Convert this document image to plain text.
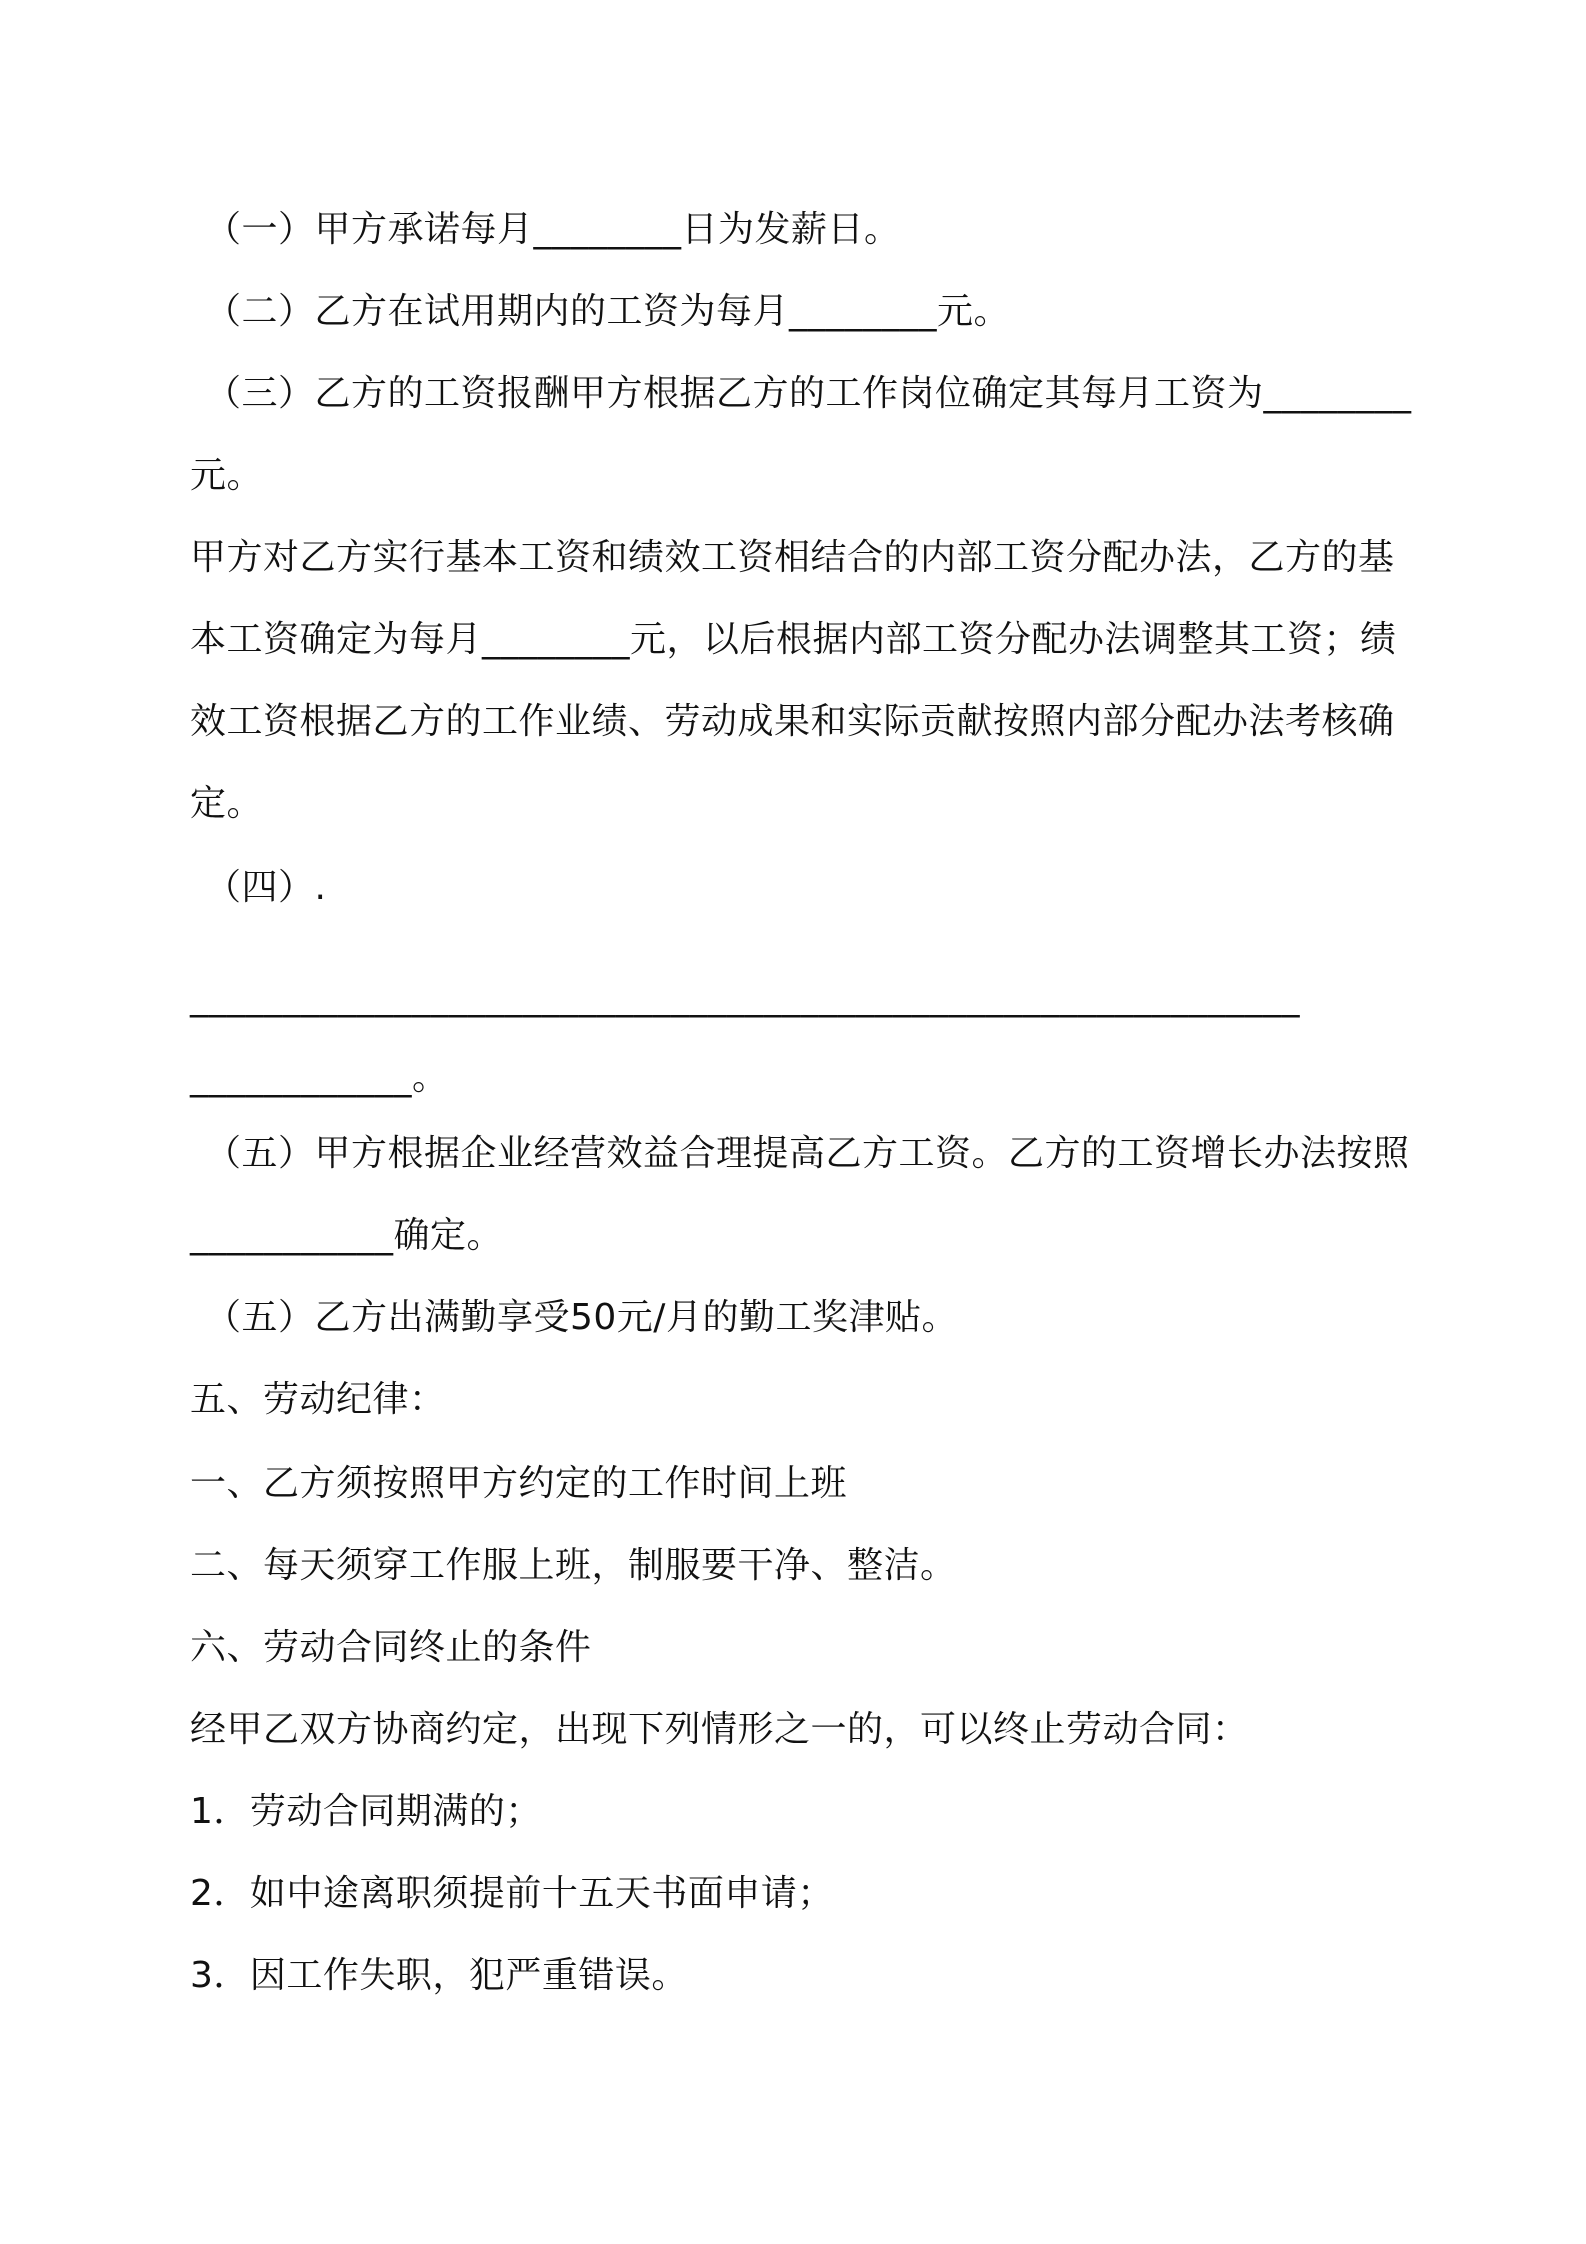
（一）甲方承诺每月________日为发薪日。
（二）乙方在试用期内的工资为每月________元。
（三）乙方的工资报酬甲方根据乙方的工作岗位确定其每月工资为________
元。
甲方对乙方实行基本工资和绩效工资相结合的内部工资分配办法，乙方的基
本工资确定为每月________元，以后根据内部工资分配办法调整其工资；绩
效工资根据乙方的工作业绩、劳动成果和实际贡献按照内部分配办法考核确
定。
（四）.
____________________________________________________________
____________。
（五）甲方根据企业经营效益合理提高乙方工资。乙方的工资增长办法按照
___________确定。
（五）乙方出满勤享受50元/月的勤工奖津贴。
五、劳动纪律：
一、乙方须按照甲方约定的工作时间上班
二、每天须穿工作服上班，制服要干净、整洁。
六、劳动合同终止的条件
经甲乙双方协商约定，出现下列情形之一的，可以终止劳动合同：
1．劳动合同期满的；
2．如中途离职须提前十五天书面申请；
3．因工作失职，犯严重错误。
